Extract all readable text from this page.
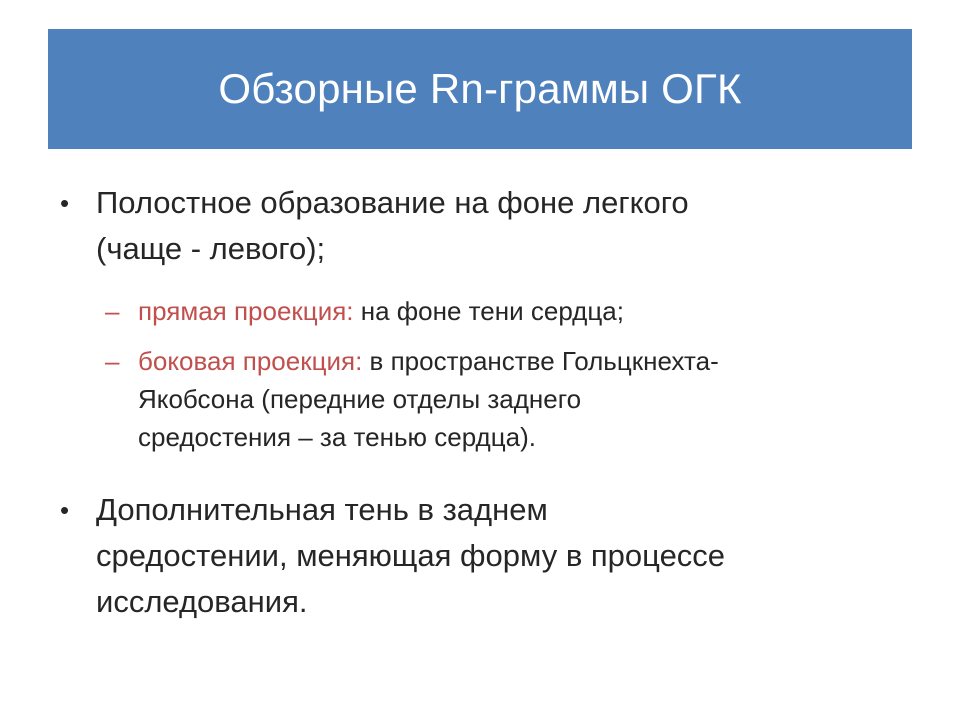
Обзорные Rn-граммы ОГК
• Полостное образование на фоне легкого
(чаще - левого);
– прямая проекция: на фоне тени сердца;
– боковая проекция: в пространстве Гольцкнехта-
Якобсона (передние отделы заднего
средостения – за тенью сердца).
• Дополнительная тень в заднем
средостении, меняющая форму в процессе
исследования.
